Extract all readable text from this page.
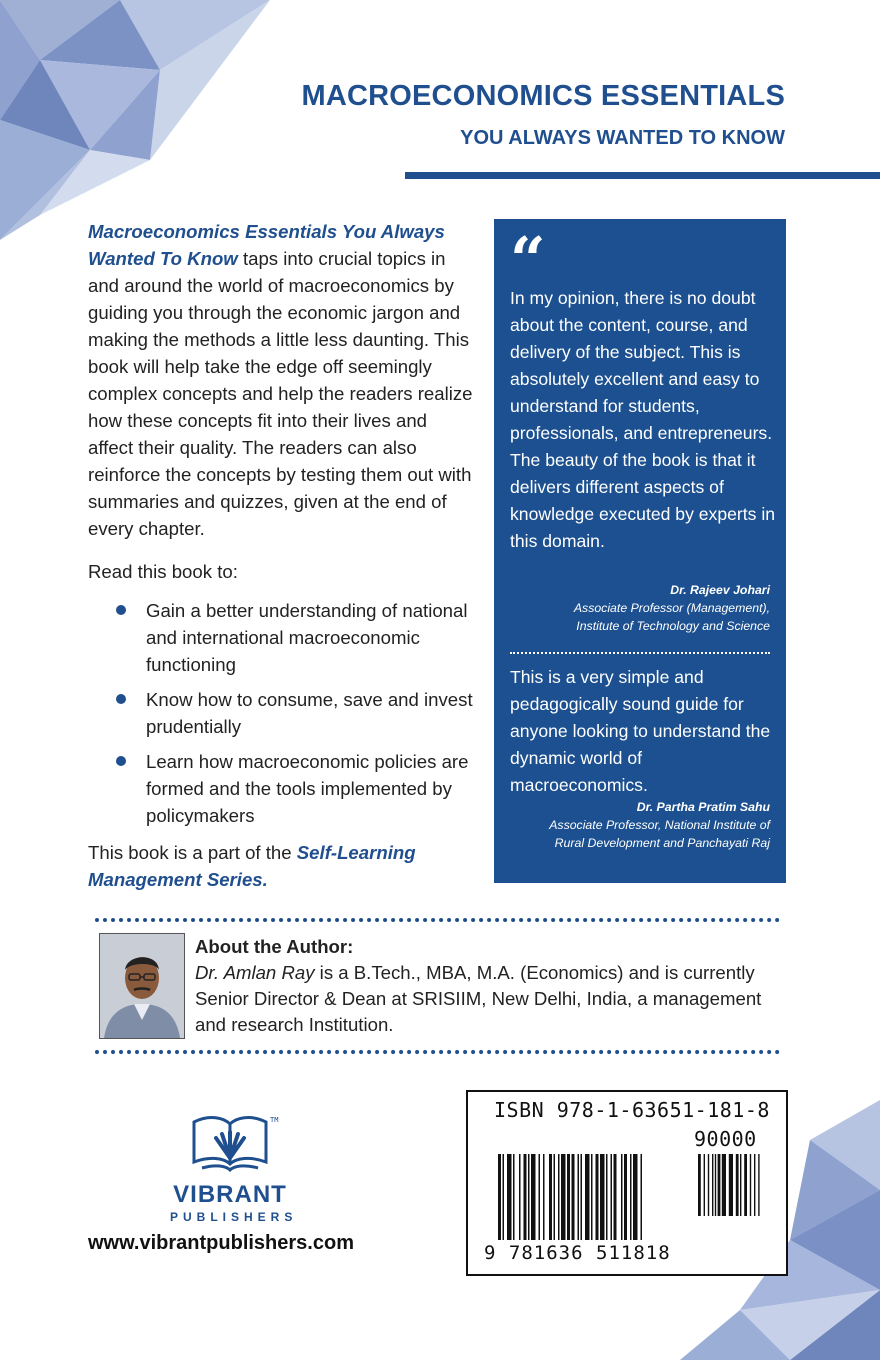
MACROECONOMICS ESSENTIALS
YOU ALWAYS WANTED TO KNOW

Macroeconomics Essentials You Always Wanted To Know taps into crucial topics in and around the world of macroeconomics by guiding you through the economic jargon and making the methods a little less daunting. This book will help take the edge off seemingly complex concepts and help the readers realize how these concepts fit into their lives and affect their quality. The readers can also reinforce the concepts by testing them out with summaries and quizzes, given at the end of every chapter.

Read this book to:

Gain a better understanding of national and international macroeconomic functioning
Know how to consume, save and invest prudentially
Learn how macroeconomic policies are formed and the tools implemented by policymakers

This book is a part of the Self-Learning Management Series.

“
In my opinion, there is no doubt about the content, course, and delivery of the subject. This is absolutely excellent and easy to understand for students, professionals, and entrepreneurs. The beauty of the book is that it delivers different aspects of knowledge executed by experts in this domain.
Dr. Rajeev Johari
Associate Professor (Management),
Institute of Technology and Science
This is a very simple and pedagogically sound guide for anyone looking to understand the dynamic world of macroeconomics.
Dr. Partha Pratim Sahu
Associate Professor, National Institute of
Rural Development and Panchayati Raj
About the Author:
Dr. Amlan Ray is a B.Tech., MBA, M.A. (Economics) and is currently Senior Director & Dean at SRISIIM, New Delhi, India, a management and research Institution.
TM
VIBRANT
PUBLISHERS
www.vibrantpublishers.com
ISBN 978-1-63651-181-8
90000
9 781636 511818
